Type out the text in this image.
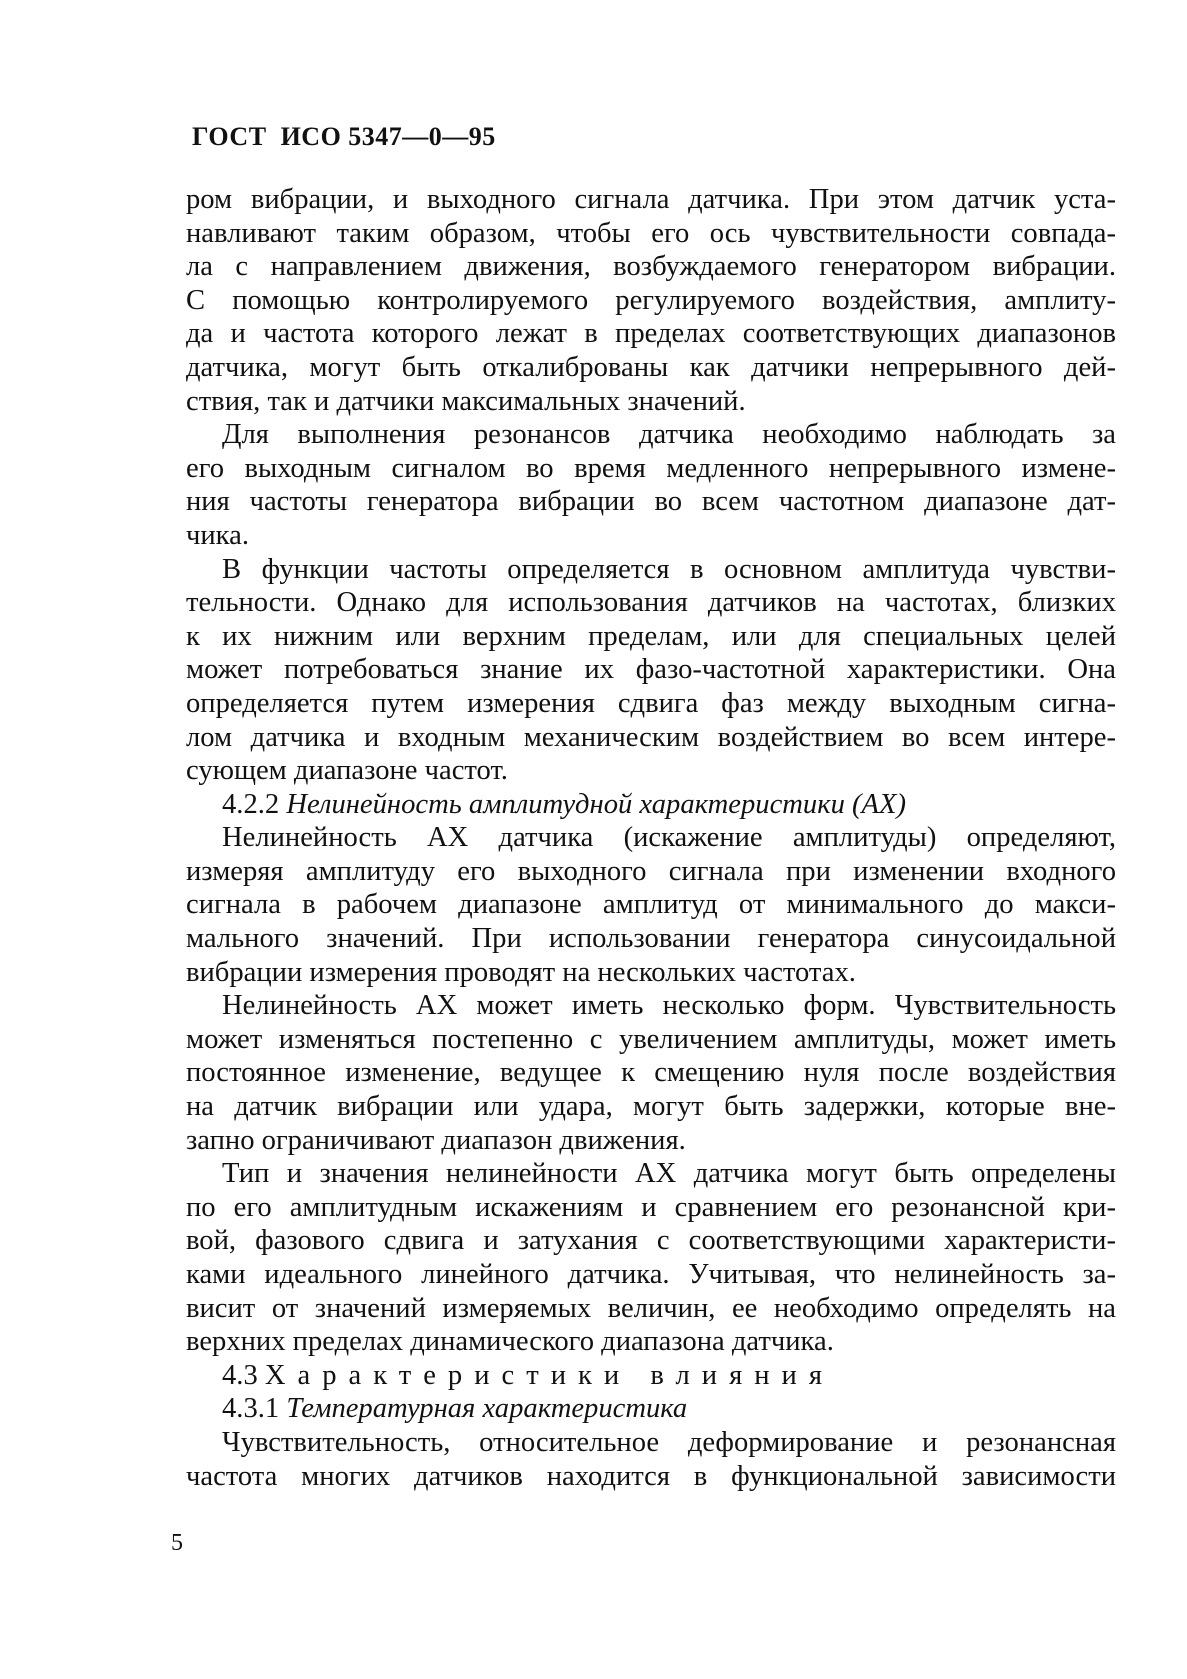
ГОСТ ИСО 5347—0—95
ром вибрации, и выходного сигнала датчика. При этом датчик уста-
навливают таким образом, чтобы его ось чувствительности совпада-
ла с направлением движения, возбуждаемого генератором вибрации.
С помощью контролируемого регулируемого воздействия, амплиту-
да и частота которого лежат в пределах соответствующих диапазонов
датчика, могут быть откалиброваны как датчики непрерывного дей-
ствия, так и датчики максимальных значений.
Для выполнения резонансов датчика необходимо наблюдать за
его выходным сигналом во время медленного непрерывного измене-
ния частоты генератора вибрации во всем частотном диапазоне дат-
чика.
В функции частоты определяется в основном амплитуда чувстви-
тельности. Однако для использования датчиков на частотах, близких
к их нижним или верхним пределам, или для специальных целей
может потребоваться знание их фазо-частотной характеристики. Она
определяется путем измерения сдвига фаз между выходным сигна-
лом датчика и входным механическим воздействием во всем интере-
сующем диапазоне частот.
4.2.2 Нелинейность амплитудной характеристики (АХ)
Нелинейность АХ датчика (искажение амплитуды) определяют,
измеряя амплитуду его выходного сигнала при изменении входного
сигнала в рабочем диапазоне амплитуд от минимального до макси-
мального значений. При использовании генератора синусоидальной
вибрации измерения проводят на нескольких частотах.
Нелинейность АХ может иметь несколько форм. Чувствительность
может изменяться постепенно с увеличением амплитуды, может иметь
постоянное изменение, ведущее к смещению нуля после воздействия
на датчик вибрации или удара, могут быть задержки, которые вне-
запно ограничивают диапазон движения.
Тип и значения нелинейности АХ датчика могут быть определены
по его амплитудным искажениям и сравнением его резонансной кри-
вой, фазового сдвига и затухания с соответствующими характеристи-
ками идеального линейного датчика. Учитывая, что нелинейность за-
висит от значений измеряемых величин, ее необходимо определять на
верхних пределах динамического диапазона датчика.
4.3 Характеристики влияния
4.3.1 Температурная характеристика
Чувствительность, относительное деформирование и резонансная
частота многих датчиков находится в функциональной зависимости
5
